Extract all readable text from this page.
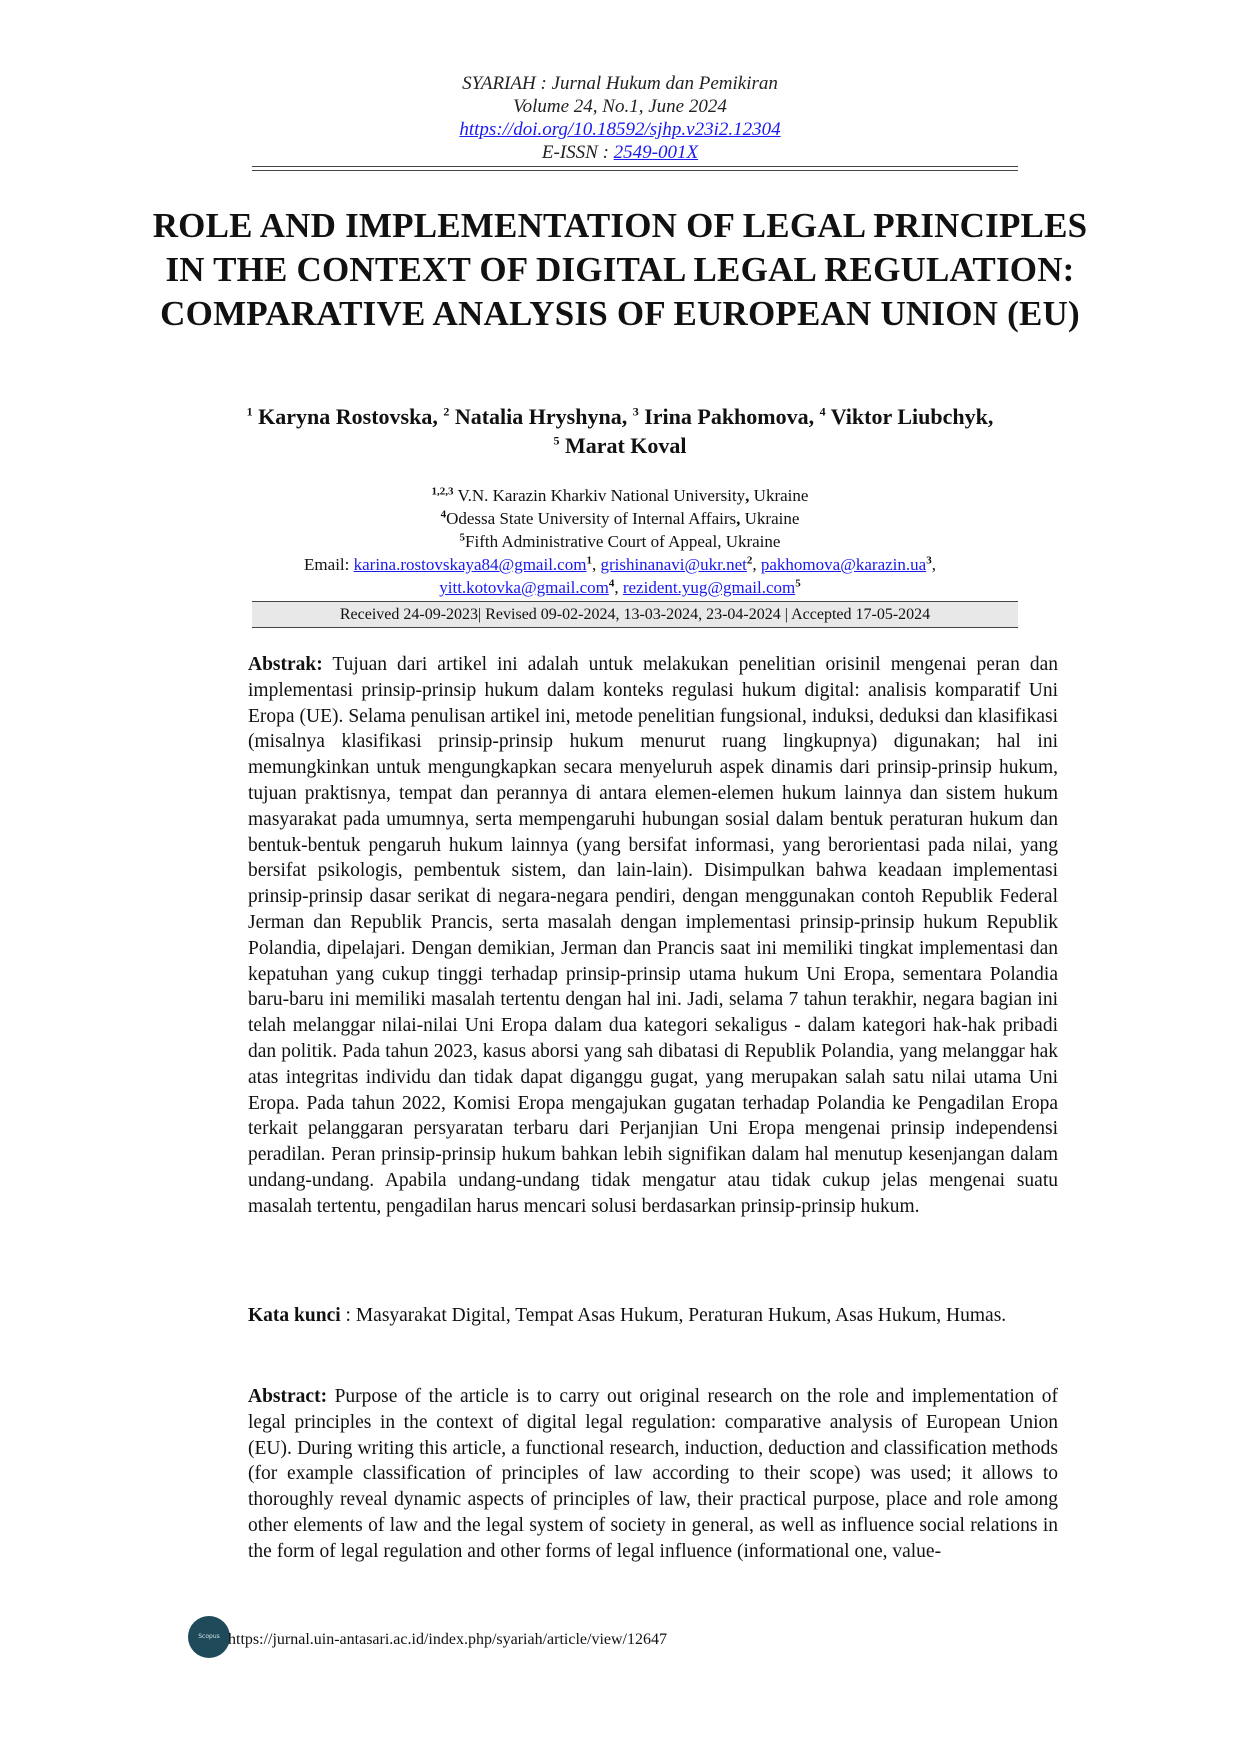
SYARIAH : Jurnal Hukum dan Pemikiran
Volume 24, No.1, June 2024
https://doi.org/10.18592/sjhp.v23i2.12304
E-ISSN : 2549-001X
ROLE AND IMPLEMENTATION OF LEGAL PRINCIPLES IN THE CONTEXT OF DIGITAL LEGAL REGULATION: COMPARATIVE ANALYSIS OF EUROPEAN UNION (EU)
$^1$ Karyna Rostovska, $^2$ Natalia Hryshyna, $^3$ Irina Pakhomova, $^4$ Viktor Liubchyk,
$^5$ Marat Koval
$^{1,2,3}$ V.N. Karazin Kharkiv National University, Ukraine
$^4$Odessa State University of Internal Affairs, Ukraine
$^5$Fifth Administrative Court of Appeal, Ukraine
Email: karina.rostovskaya84@gmail.com$^1$, grishinanavi@ukr.net$^2$, $pakhomova@karazin.ua^3$,
yitt.kotovka@gmail.com$^4$, rezident.yug@gmail.com$^5$
Received 24-09-2023| Revised 09-02-2024, 13-03-2024, 23-04-2024 | Accepted 17-05-2024
Abstrak: Tujuan dari artikel ini adalah untuk melakukan penelitian orisinil mengenai peran dan implementasi prinsip-prinsip hukum dalam konteks regulasi hukum digital: analisis komparatif Uni Eropa (UE). Selama penulisan artikel ini, metode penelitian fungsional, induksi, deduksi dan klasifikasi (misalnya klasifikasi prinsip-prinsip hukum menurut ruang lingkupnya) digunakan; hal ini memungkinkan untuk mengungkapkan secara menyeluruh aspek dinamis dari prinsip-prinsip hukum, tujuan praktisnya, tempat dan perannya di antara elemen-elemen hukum lainnya dan sistem hukum masyarakat pada umumnya, serta mempengaruhi hubungan sosial dalam bentuk peraturan hukum dan bentuk-bentuk pengaruh hukum lainnya (yang bersifat informasi, yang berorientasi pada nilai, yang bersifat psikologis, pembentuk sistem, dan lain-lain). Disimpulkan bahwa keadaan implementasi prinsip-prinsip dasar serikat di negara-negara pendiri, dengan menggunakan contoh Republik Federal Jerman dan Republik Prancis, serta masalah dengan implementasi prinsip-prinsip hukum Republik Polandia, dipelajari. Dengan demikian, Jerman dan Prancis saat ini memiliki tingkat implementasi dan kepatuhan yang cukup tinggi terhadap prinsip-prinsip utama hukum Uni Eropa, sementara Polandia baru-baru ini memiliki masalah tertentu dengan hal ini. Jadi, selama 7 tahun terakhir, negara bagian ini telah melanggar nilai-nilai Uni Eropa dalam dua kategori sekaligus - dalam kategori hak-hak pribadi dan politik. Pada tahun 2023, kasus aborsi yang sah dibatasi di Republik Polandia, yang melanggar hak atas integritas individu dan tidak dapat diganggu gugat, yang merupakan salah satu nilai utama Uni Eropa. Pada tahun 2022, Komisi Eropa mengajukan gugatan terhadap Polandia ke Pengadilan Eropa terkait pelanggaran persyaratan terbaru dari Perjanjian Uni Eropa mengenai prinsip independensi peradilan. Peran prinsip-prinsip hukum bahkan lebih signifikan dalam hal menutup kesenjangan dalam undang-undang. Apabila undang-undang tidak mengatur atau tidak cukup jelas mengenai suatu masalah tertentu, pengadilan harus mencari solusi berdasarkan prinsip-prinsip hukum.
Kata kunci : Masyarakat Digital, Tempat Asas Hukum, Peraturan Hukum, Asas Hukum, Humas.
Abstract: Purpose of the article is to carry out original research on the role and implementation of legal principles in the context of digital legal regulation: comparative analysis of European Union (EU). During writing this article, a functional research, induction, deduction and classification methods (for example classification of principles of law according to their scope) was used; it allows to thoroughly reveal dynamic aspects of principles of law, their practical purpose, place and role among other elements of law and the legal system of society in general, as well as influence social relations in the form of legal regulation and other forms of legal influence (informational one, value-
Scopus https://jurnal.uin-antasari.ac.id/index.php/syariah/article/view/12647
